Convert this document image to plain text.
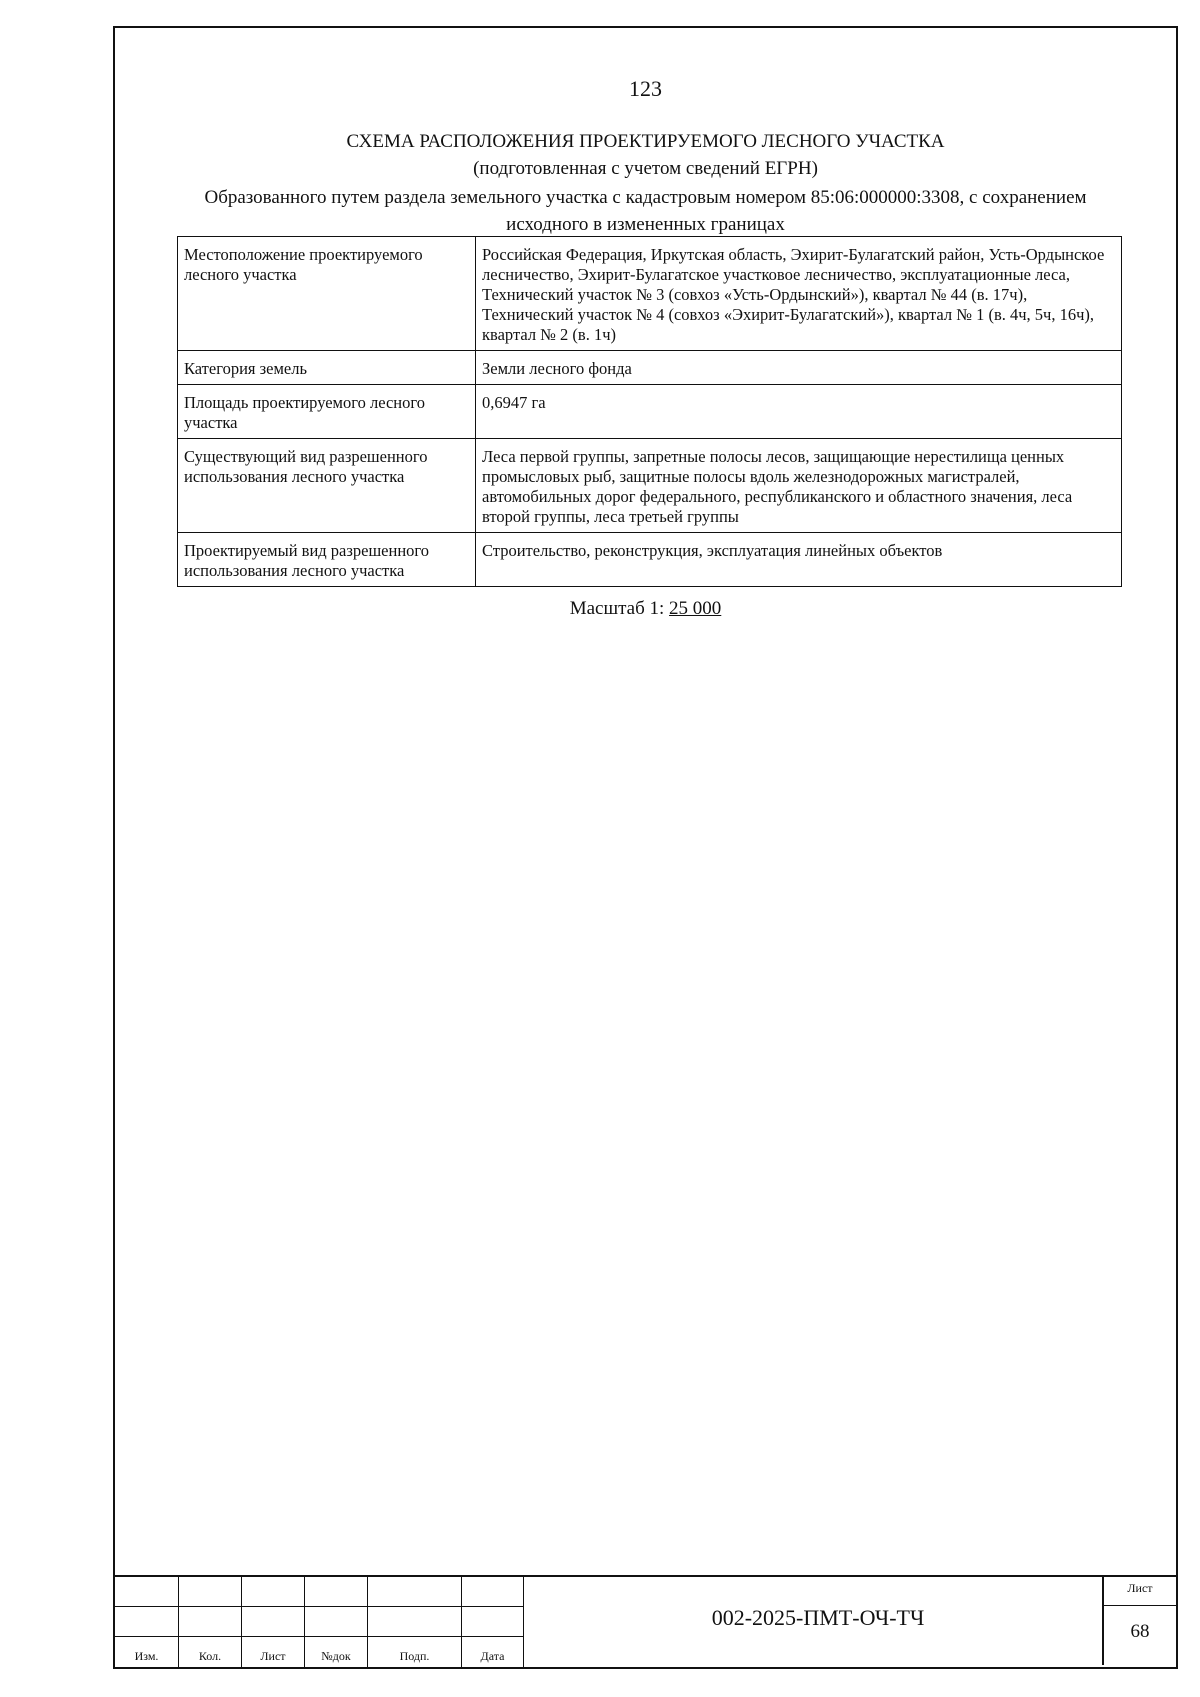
123
СХЕМА РАСПОЛОЖЕНИЯ ПРОЕКТИРУЕМОГО ЛЕСНОГО УЧАСТКА
(подготовленная с учетом сведений ЕГРН)
Образованного путем раздела земельного участка с кадастровым номером 85:06:000000:3308, с сохранением исходного в измененных границах
Местоположение проектируемого лесного участка	Российская Федерация, Иркутская область, Эхирит-Булагатский район, Усть-Ордынское лесничество, Эхирит-Булагатское участковое лесничество, эксплуатационные леса, Технический участок № 3 (совхоз «Усть-Ордынский»), квартал № 44 (в. 17ч), Технический участок № 4 (совхоз «Эхирит-Булагатский»), квартал № 1 (в. 4ч, 5ч, 16ч), квартал № 2 (в. 1ч)
Категория земель	Земли лесного фонда
Площадь проектируемого лесного участка	0,6947 га
Существующий вид разрешенного использования лесного участка	Леса первой группы, запретные полосы лесов, защищающие нерестилища ценных промысловых рыб, защитные полосы вдоль железнодорожных магистралей, автомобильных дорог федерального, республиканского и областного значения, леса второй группы, леса третьей группы
Проектируемый вид разрешенного использования лесного участка	Строительство, реконструкция, эксплуатация линейных объектов
Масштаб 1: 25 000
Изм.	Кол.	Лист	№док	Подп.	Дата
002-2025-ПМТ-ОЧ-ТЧ
Лист
68
